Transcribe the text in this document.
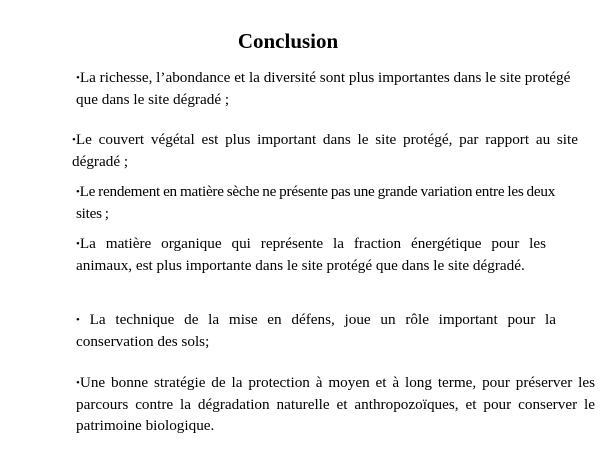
Conclusion

•La richesse, l’abondance et la diversité sont plus importantes dans le site protégé que dans le site dégradé ;

•Le couvert végétal est plus important dans le site protégé, par rapport au site dégradé ;

•Le rendement en matière sèche ne présente pas une grande variation entre les deux sites ;

•La matière organique qui représente la fraction énergétique pour les animaux, est plus importante dans le site protégé que dans le site dégradé.

• La technique de la mise en défens, joue un rôle important pour la conservation des sols;

•Une bonne stratégie de la protection à moyen et à long terme, pour préserver les parcours contre la dégradation naturelle et anthropozoïques, et pour conserver le patrimoine biologique.
